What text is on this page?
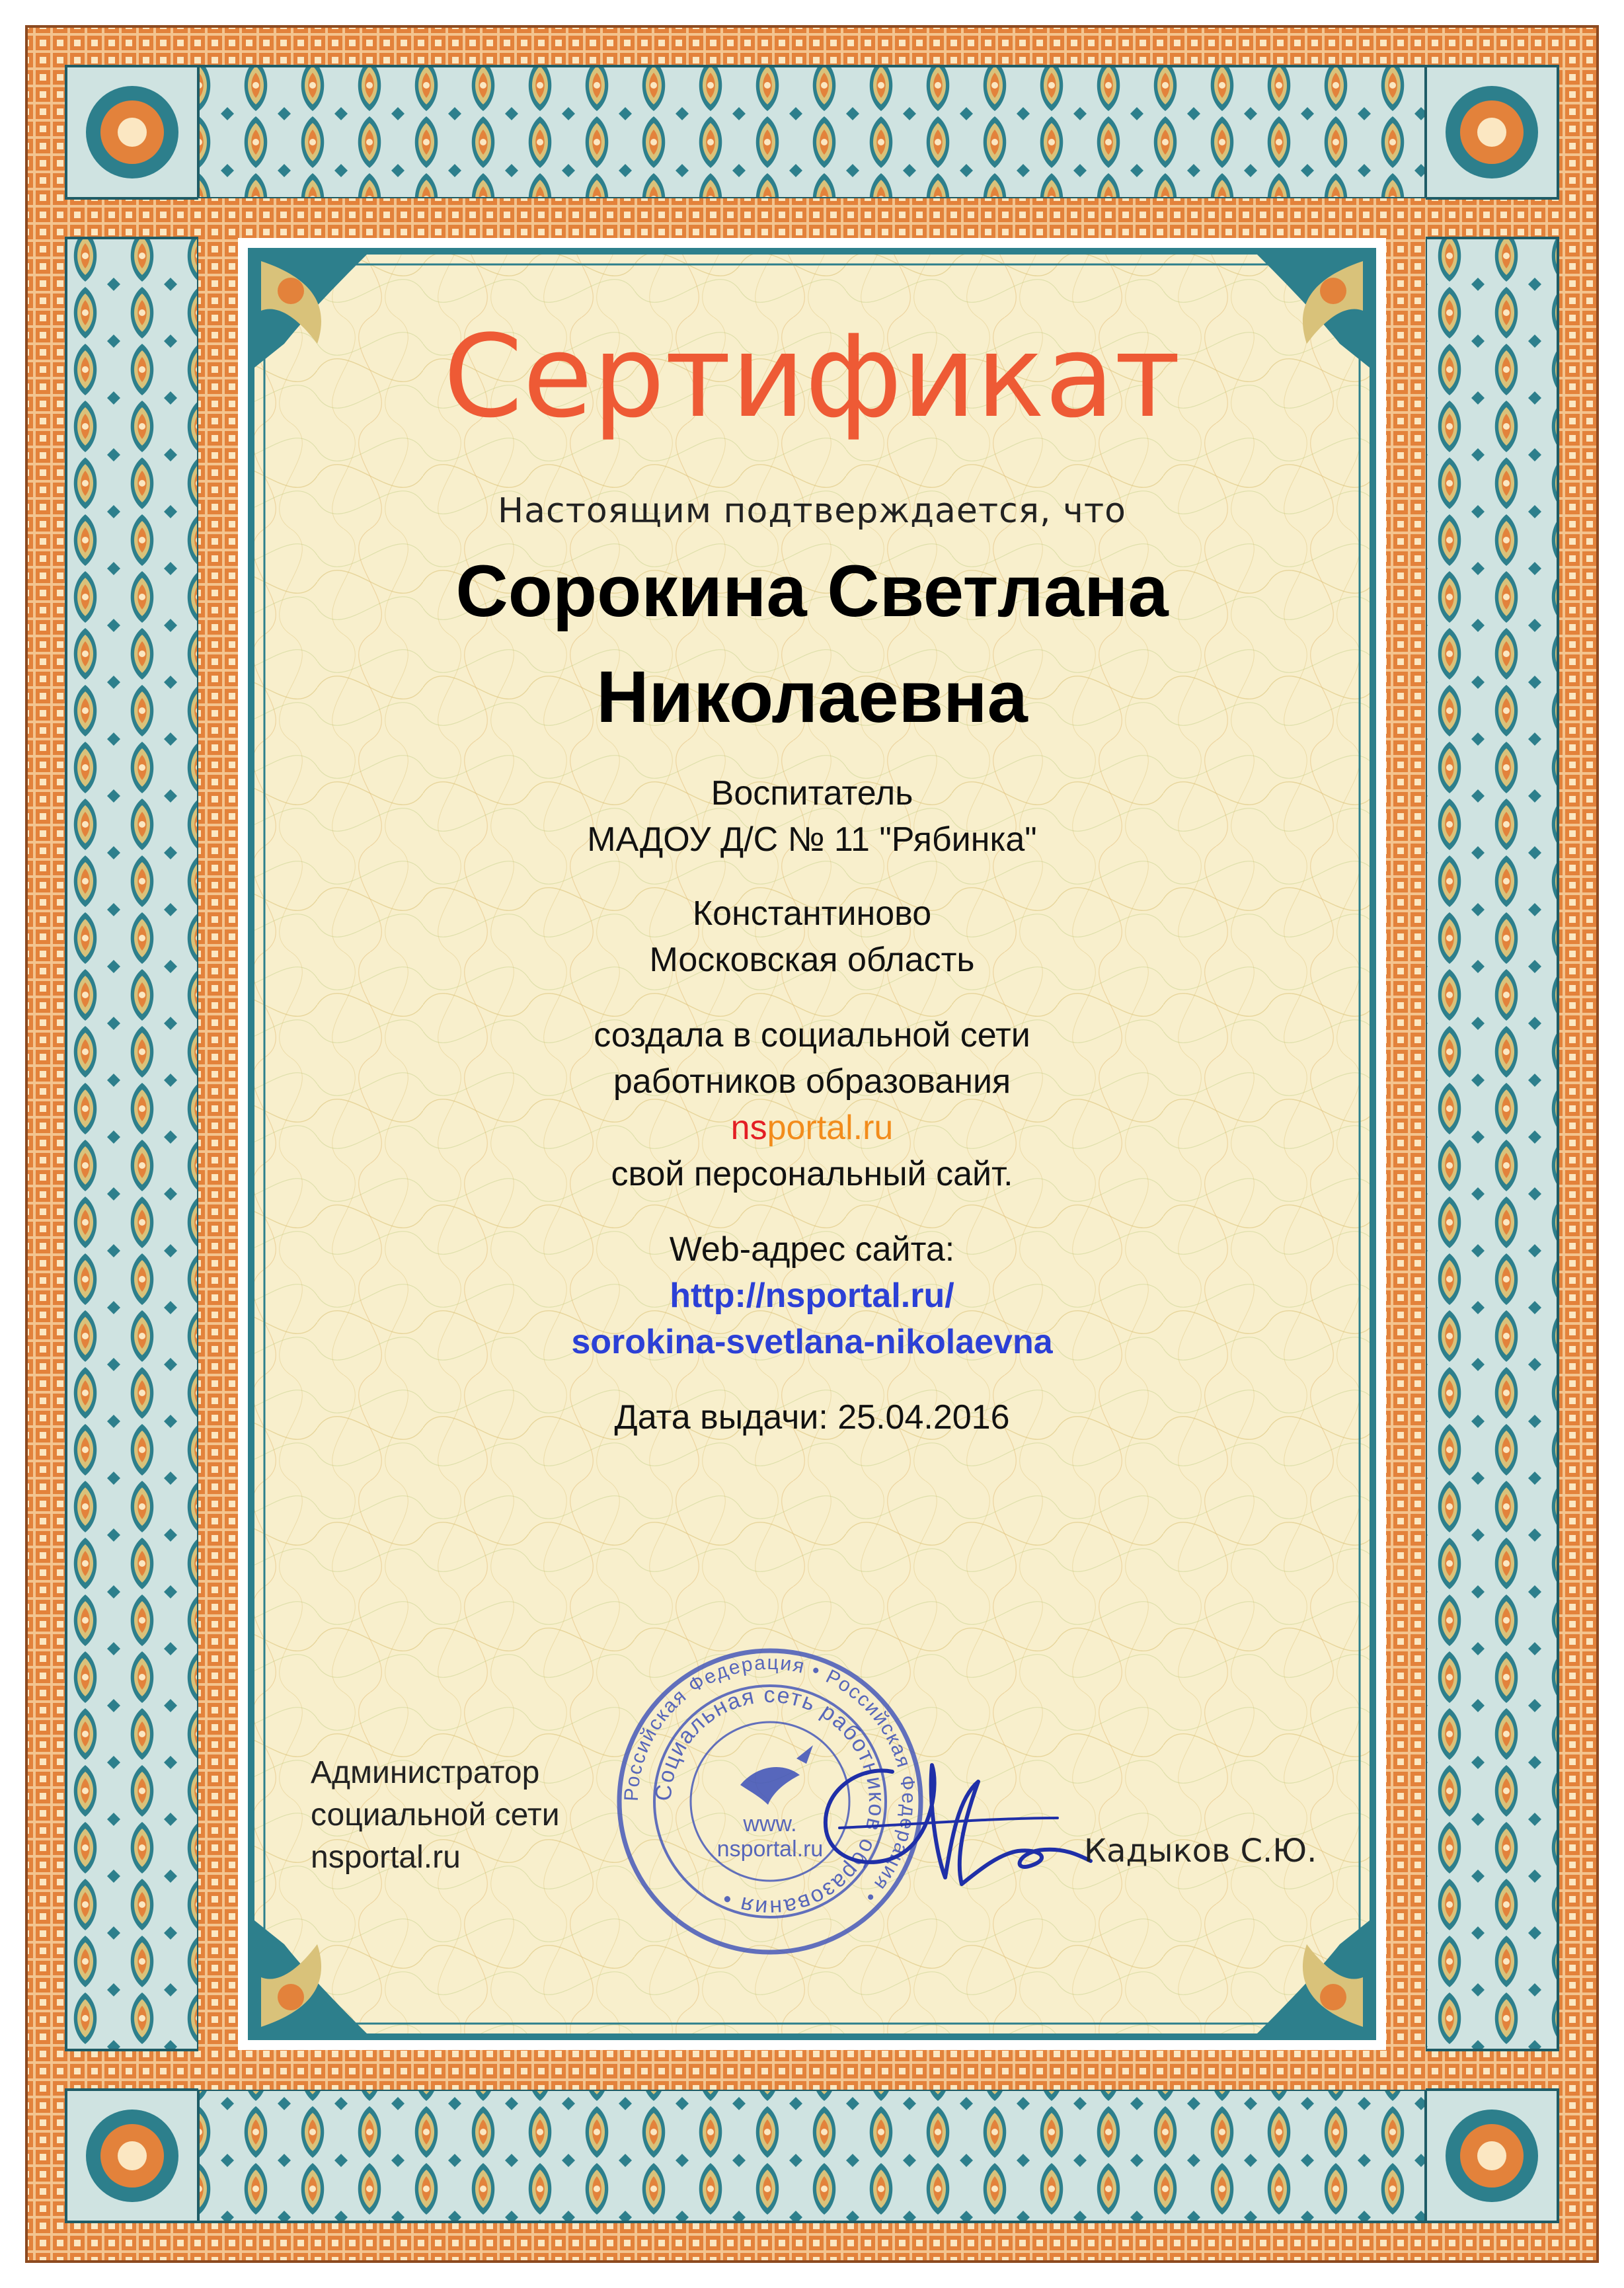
Сертификат

Настоящим подтверждается, что

Сорокина Светлана

Николаевна

Воспитатель

МАДОУ Д/С № 11 "Рябинка"

Константиново

Московская область

создала в социальной сети

работников образования

nsportal.ru

свой персональный сайт.

Web-адрес сайта:

http://nsportal.ru/

sorokina-svetlana-nikolaevna

Дата выдачи: 25.04.2016

Администратор

социальной сети

nsportal.ru

Российская Федерация • Российская Федерация •
Социальная сеть работников образования •
www.
nsportal.ru	Кадыков С.Ю.
